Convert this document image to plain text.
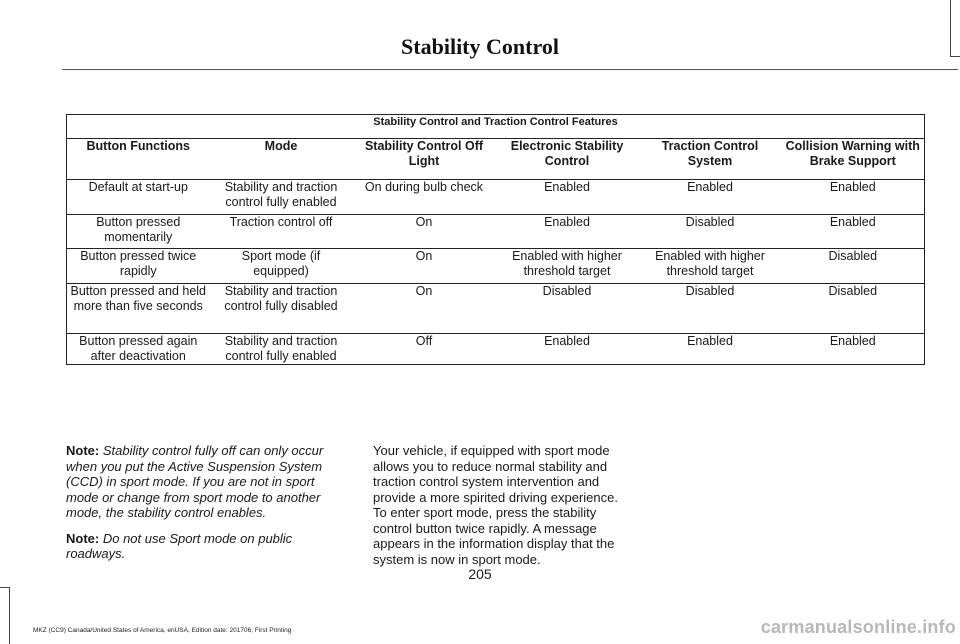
Stability Control
Stability Control and Traction Control Features					
Button Functions	Mode	Stability Control Off Light	Electronic Stability Control	Traction Control System	Collision Warning with Brake Support
Default at start-up	Stability and traction control fully enabled	On during bulb check	Enabled	Enabled	Enabled
Button pressed momentarily	Traction control off	On	Enabled	Disabled	Enabled
Button pressed twice rapidly	Sport mode (if equipped)	On	Enabled with higher threshold target	Enabled with higher threshold target	Disabled
Button pressed and held more than five seconds	Stability and traction control fully disabled	On	Disabled	Disabled	Disabled
Button pressed again after deactivation	Stability and traction control fully enabled	Off	Enabled	Enabled	Enabled

Note: Stability control fully off can only occur when you put the Active Suspension System (CCD) in sport mode. If you are not in sport mode or change from sport mode to another mode, the stability control enables.

Note: Do not use Sport mode on public roadways.

Your vehicle, if equipped with sport mode allows you to reduce normal stability and traction control system intervention and provide a more spirited driving experience. To enter sport mode, press the stability control button twice rapidly. A message appears in the information display that the system is now in sport mode.

205
MKZ (CC9) Canada/United States of America, enUSA, Edition date: 201706, First Printing	carmanualsonline.info
